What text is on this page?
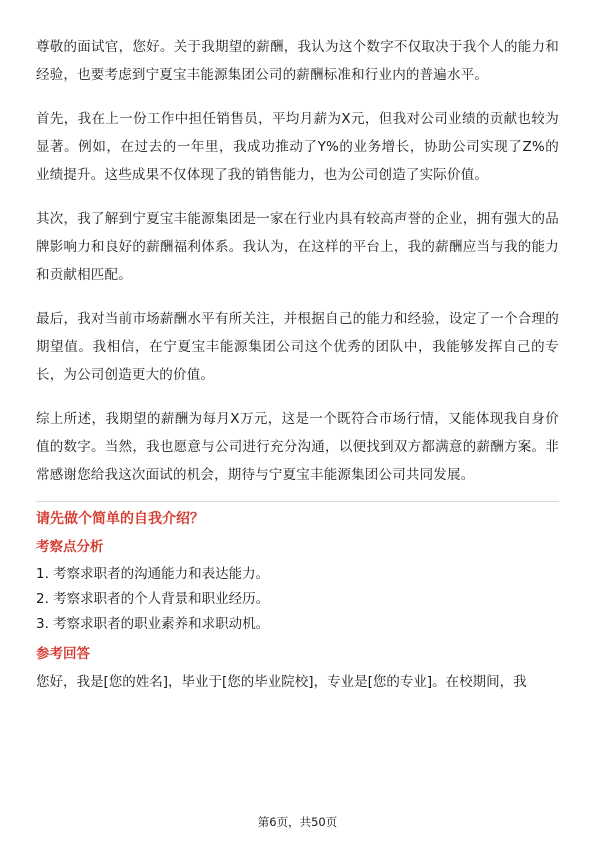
尊敬的面试官，您好。关于我期望的薪酬，我认为这个数字不仅取决于我个人的能力和经验，也要考虑到宁夏宝丰能源集团公司的薪酬标准和行业内的普遍水平。

首先，我在上一份工作中担任销售员，平均月薪为X元，但我对公司业绩的贡献也较为显著。例如，在过去的一年里，我成功推动了Y%的业务增长，协助公司实现了Z%的业绩提升。这些成果不仅体现了我的销售能力，也为公司创造了实际价值。

其次，我了解到宁夏宝丰能源集团是一家在行业内具有较高声誉的企业，拥有强大的品牌影响力和良好的薪酬福利体系。我认为，在这样的平台上，我的薪酬应当与我的能力和贡献相匹配。

最后，我对当前市场薪酬水平有所关注，并根据自己的能力和经验，设定了一个合理的期望值。我相信，在宁夏宝丰能源集团公司这个优秀的团队中，我能够发挥自己的专长，为公司创造更大的价值。

综上所述，我期望的薪酬为每月X万元，这是一个既符合市场行情，又能体现我自身价值的数字。当然，我也愿意与公司进行充分沟通，以便找到双方都满意的薪酬方案。非常感谢您给我这次面试的机会，期待与宁夏宝丰能源集团公司共同发展。

请先做个简单的自我介绍？
考察点分析
1. 考察求职者的沟通能力和表达能力。
2. 考察求职者的个人背景和职业经历。
3. 考察求职者的职业素养和求职动机。
参考回答

您好，我是[您的姓名]，毕业于[您的毕业院校]，专业是[您的专业]。在校期间，我

第6页，共50页
